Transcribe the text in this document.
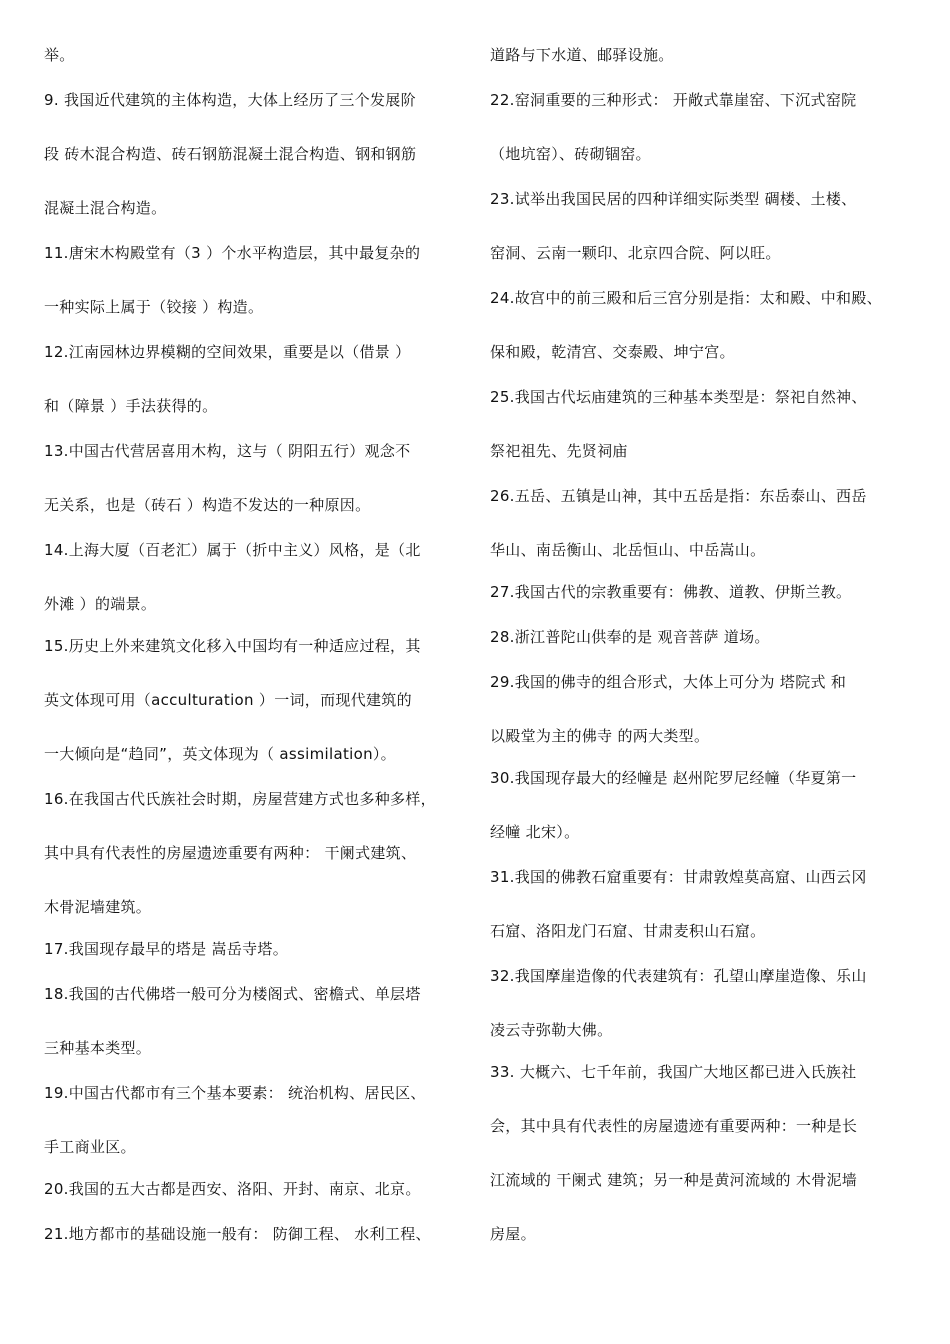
举。
9. 我国近代建筑的主体构造，大体上经历了三个发展阶
段 砖木混合构造、砖石钢筋混凝土混合构造、钢和钢筋
混凝土混合构造。
11.唐宋木构殿堂有（3 ）个水平构造层，其中最复杂的
一种实际上属于（铰接 ）构造。
12.江南园林边界模糊的空间效果，重要是以（借景 ）
和（障景 ）手法获得的。
13.中国古代营居喜用木构，这与（ 阴阳五行）观念不
无关系，也是（砖石 ）构造不发达的一种原因。
14.上海大厦（百老汇）属于（折中主义）风格，是（北
外滩 ）的端景。
15.历史上外来建筑文化移入中国均有一种适应过程，其
英文体现可用（acculturation ）一词，而现代建筑的
一大倾向是“趋同”，英文体现为（ assimilation）。
16.在我国古代氏族社会时期，房屋营建方式也多种多样，
其中具有代表性的房屋遗迹重要有两种： 干阑式建筑、
木骨泥墙建筑。
17.我国现存最早的塔是 嵩岳寺塔。
18.我国的古代佛塔一般可分为楼阁式、密檐式、单层塔
三种基本类型。
19.中国古代都市有三个基本要素： 统治机构、居民区、
手工商业区。
20.我国的五大古都是西安、洛阳、开封、南京、北京。
21.地方都市的基础设施一般有： 防御工程、 水利工程、
道路与下水道、邮驿设施。
22.窑洞重要的三种形式： 开敞式靠崖窑、下沉式窑院
（地坑窑）、砖砌锢窑。
23.试举出我国民居的四种详细实际类型 碉楼、土楼、
窑洞、云南一颗印、北京四合院、阿以旺。
24.故宫中的前三殿和后三宫分别是指：太和殿、中和殿、
保和殿，乾清宫、交泰殿、坤宁宫。
25.我国古代坛庙建筑的三种基本类型是：祭祀自然神、
祭祀祖先、先贤祠庙
26.五岳、五镇是山神，其中五岳是指：东岳泰山、西岳
华山、南岳衡山、北岳恒山、中岳嵩山。
27.我国古代的宗教重要有：佛教、道教、伊斯兰教。
28.浙江普陀山供奉的是 观音菩萨 道场。
29.我国的佛寺的组合形式，大体上可分为 塔院式 和
以殿堂为主的佛寺 的两大类型。
30.我国现存最大的经幢是 赵州陀罗尼经幢（华夏第一
经幢 北宋）。
31.我国的佛教石窟重要有：甘肃敦煌莫高窟、山西云冈
石窟、洛阳龙门石窟、甘肃麦积山石窟。
32.我国摩崖造像的代表建筑有：孔望山摩崖造像、乐山
凌云寺弥勒大佛。
33. 大概六、七千年前，我国广大地区都已进入氏族社
会，其中具有代表性的房屋遗迹有重要两种：一种是长
江流域的 干阑式 建筑；另一种是黄河流域的 木骨泥墙
房屋。
